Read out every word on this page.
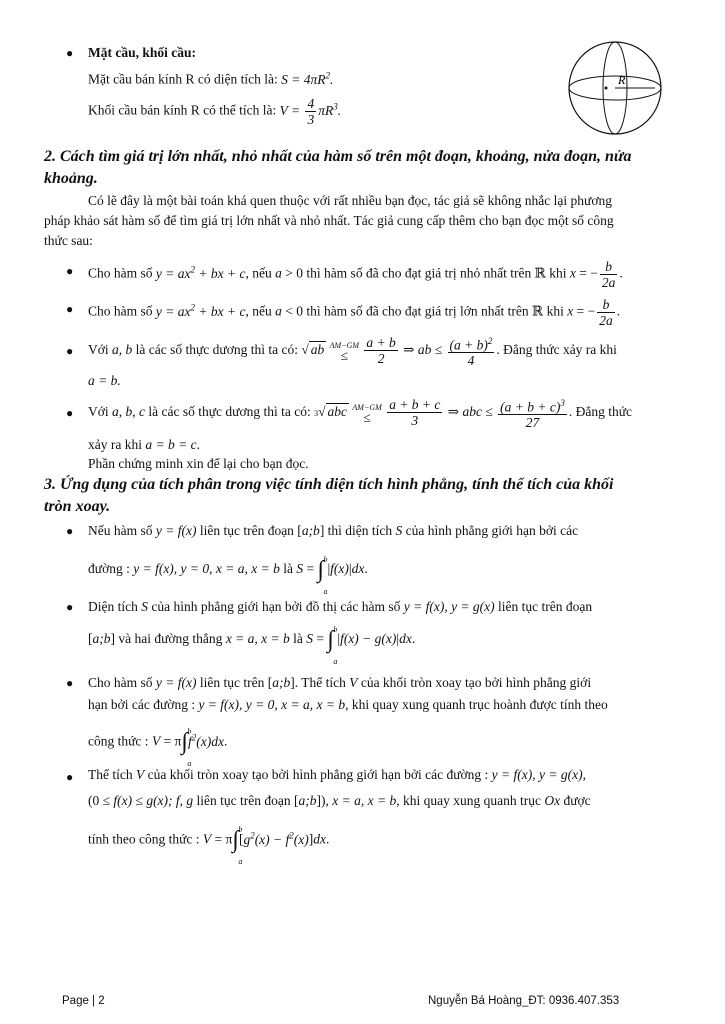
● Mặt cầu, khối cầu:
Mặt cầu bán kính R có diện tích là: $S = 4\pi R^2$.
Khối cầu bán kính R có thể tích là: $V = \frac{4}{3} \pi R^3$.
R
2. Cách tìm giá trị lớn nhất, nhỏ nhất của hàm số trên một đoạn, khoảng, nửa đoạn, nửa
khoảng.
Có lẽ đây là một bài toán khá quen thuộc với rất nhiều bạn đọc, tác giả sẽ không nhắc lại phương
pháp khảo sát hàm số để tìm giá trị lớn nhất và nhỏ nhất. Tác giả cung cấp thêm cho bạn đọc một số công
thức sau:
● Cho hàm số $y = ax^2$ + bx + c, nếu a > 0 thì hàm số đã cho đạt giá trị nhỏ nhất trên ℝ khi x = − $\frac{b}{2a}$ .
● Cho hàm số $y = ax^2$ + bx + c, nếu a < 0 thì hàm số đã cho đạt giá trị lớn nhất trên ℝ khi x = − $\frac{b}{2a}$ .
● Với a, b là các số thực dương thì ta có: √ ab AM−GM
≤ $\frac{a + b}{2}$ ⇒ ab ≤ $\frac{(a + b)^2}{4}$ . Đẳng thức xảy ra khi
a = b.
● Với a, b, c là các số thực dương thì ta có: 3√ abc AM−GM
≤ $\frac{a + b + c}{3}$ ⇒ abc ≤ $\frac{(a + b + c)^3}{27}$ . Đẳng thức
xảy ra khi a = b = c.
Phần chứng minh xin để lại cho bạn đọc.
3. Ứng dụng của tích phân trong việc tính diện tích hình phẳng, tính thể tích của khối
tròn xoay.
● Nếu hàm số y = f(x) liên tục trên đoạn [a;b] thì diện tích S của hình phẳng giới hạn bởi các
đường : y = f(x), y = 0, x = a, x = b là S = ∫ b
a
|f(x)|dx.
● Diện tích S của hình phẳng giới hạn bởi đồ thị các hàm số y = f(x), y = g(x) liên tục trên đoạn
[a;b] và hai đường thẳng x = a, x = b là S = ∫ b
a
|f(x) − g(x)|dx.
● Cho hàm số y = f(x) liên tục trên [a;b]. Thể tích V của khối tròn xoay tạo bởi hình phẳng giới
hạn bởi các đường : y = f(x), y = 0, x = a, x = b, khi quay xung quanh trục hoành được tính theo
công thức : V = π∫ b
a
$f^2(x)dx$.
● Thể tích V của khối tròn xoay tạo bởi hình phẳng giới hạn bởi các đường : y = f(x), y = g(x),
(0 ≤ f(x) ≤ g(x); f, g liên tục trên đoạn [a;b]), x = a, x = b, khi quay xung quanh trục Ox được
tính theo công thức : V = π∫ b
a
$[g^2(x) - f^2(x)]dx$.
Page | 2	Nguyễn Bá Hoàng_ĐT: 0936.407.353
